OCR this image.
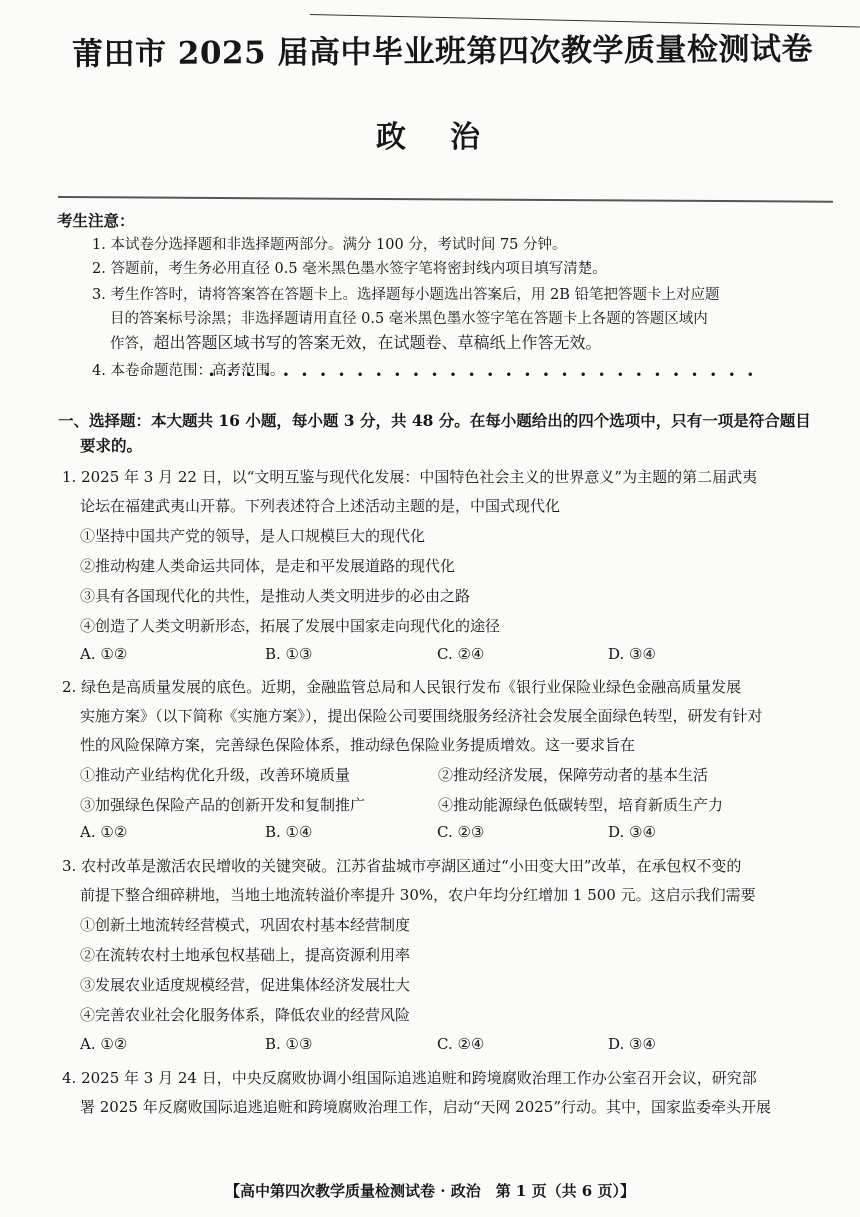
莆田市 2025 届高中毕业班第四次教学质量检测试卷
政治
考生注意：
1. 本试卷分选择题和非选择题两部分。满分 100 分，考试时间 75 分钟。
2. 答题前，考生务必用直径 0.5 毫米黑色墨水签字笔将密封线内项目填写清楚。
3. 考生作答时，请将答案答在答题卡上。选择题每小题选出答案后，用 2B 铅笔把答题卡上对应题
目的答案标号涂黑；非选择题请用直径 0.5 毫米黑色墨水签字笔在答题卡上各题的答题区域内
作答，超出答题区域书写的答案无效，在试题卷、草稿纸上作答无效。
••••••••••••••••••••••••••••••
4. 本卷命题范围：高考范围。
一、选择题：本大题共 16 小题，每小题 3 分，共 48 分。在每小题给出的四个选项中，只有一项是符合题目
要求的。
1. 2025 年 3 月 22 日，以“文明互鉴与现代化发展：中国特色社会主义的世界意义”为主题的第二届武夷
论坛在福建武夷山开幕。下列表述符合上述活动主题的是，中国式现代化
①坚持中国共产党的领导，是人口规模巨大的现代化
②推动构建人类命运共同体，是走和平发展道路的现代化
③具有各国现代化的共性，是推动人类文明进步的必由之路
④创造了人类文明新形态，拓展了发展中国家走向现代化的途径
A. ①②	B. ①③	C. ②④	D. ③④
2. 绿色是高质量发展的底色。近期，金融监管总局和人民银行发布《银行业保险业绿色金融高质量发展
实施方案》（以下简称《实施方案》），提出保险公司要围绕服务经济社会发展全面绿色转型，研发有针对
性的风险保障方案，完善绿色保险体系，推动绿色保险业务提质增效。这一要求旨在
①推动产业结构优化升级，改善环境质量	②推动经济发展，保障劳动者的基本生活
③加强绿色保险产品的创新开发和复制推广	④推动能源绿色低碳转型，培育新质生产力
A. ①②	B. ①④	C. ②③	D. ③④
3. 农村改革是激活农民增收的关键突破。江苏省盐城市亭湖区通过“小田变大田”改革，在承包权不变的
前提下整合细碎耕地，当地土地流转溢价率提升 30%，农户年均分红增加 1 500 元。这启示我们需要
①创新土地流转经营模式，巩固农村基本经营制度
②在流转农村土地承包权基础上，提高资源利用率
③发展农业适度规模经营，促进集体经济发展壮大
④完善农业社会化服务体系，降低农业的经营风险
A. ①②	B. ①③	C. ②④	D. ③④
4. 2025 年 3 月 24 日，中央反腐败协调小组国际追逃追赃和跨境腐败治理工作办公室召开会议，研究部
署 2025 年反腐败国际追逃追赃和跨境腐败治理工作，启动“天网 2025”行动。其中，国家监委牵头开展
【高中第四次教学质量检测试卷 · 政治　第 1 页（共 6 页）】
